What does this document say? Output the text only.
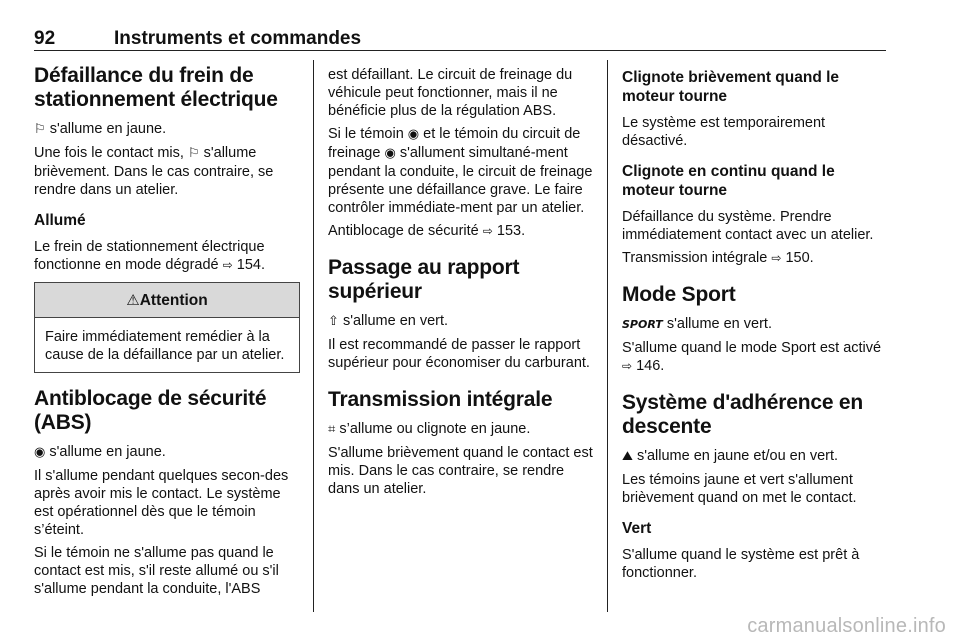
92	Instruments et commandes
Défaillance du frein de stationnement électrique

⚐ s'allume en jaune.

Une fois le contact mis, ⚐ s'allume brièvement. Dans le cas contraire, se rendre dans un atelier.

Allumé

Le frein de stationnement électrique fonctionne en mode dégradé ⇨ 154.

⚠Attention

Faire immédiatement remédier à la cause de la défaillance par un atelier.

Antiblocage de sécurité (ABS)

◉ s'allume en jaune.

Il s'allume pendant quelques secon-des après avoir mis le contact. Le système est opérationnel dès que le témoin s’éteint.

Si le témoin ne s'allume pas quand le contact est mis, s'il reste allumé ou s'il s'allume pendant la conduite, l'ABS

est défaillant. Le circuit de freinage du véhicule peut fonctionner, mais il ne bénéficie plus de la régulation ABS.

Si le témoin ◉ et le témoin du circuit de freinage ◉ s'allument simultané-ment pendant la conduite, le circuit de freinage présente une défaillance grave. Le faire contrôler immédiate-ment par un atelier.

Antiblocage de sécurité ⇨ 153.

Passage au rapport supérieur

⇧ s'allume en vert.

Il est recommandé de passer le rapport supérieur pour économiser du carburant.

Transmission intégrale

⌗ s’allume ou clignote en jaune.

S'allume brièvement quand le contact est mis. Dans le cas contraire, se rendre dans un atelier.

Clignote brièvement quand le moteur tourne

Le système est temporairement désactivé.

Clignote en continu quand le moteur tourne

Défaillance du système. Prendre immédiatement contact avec un atelier.

Transmission intégrale ⇨ 150.

Mode Sport

SPORT s'allume en vert.

S'allume quand le mode Sport est activé ⇨ 146.

Système d'adhérence en descente

⛰ s'allume en jaune et/ou en vert.

Les témoins jaune et vert s'allument brièvement quand on met le contact.

Vert

S'allume quand le système est prêt à fonctionner.

carmanualsonline.info
